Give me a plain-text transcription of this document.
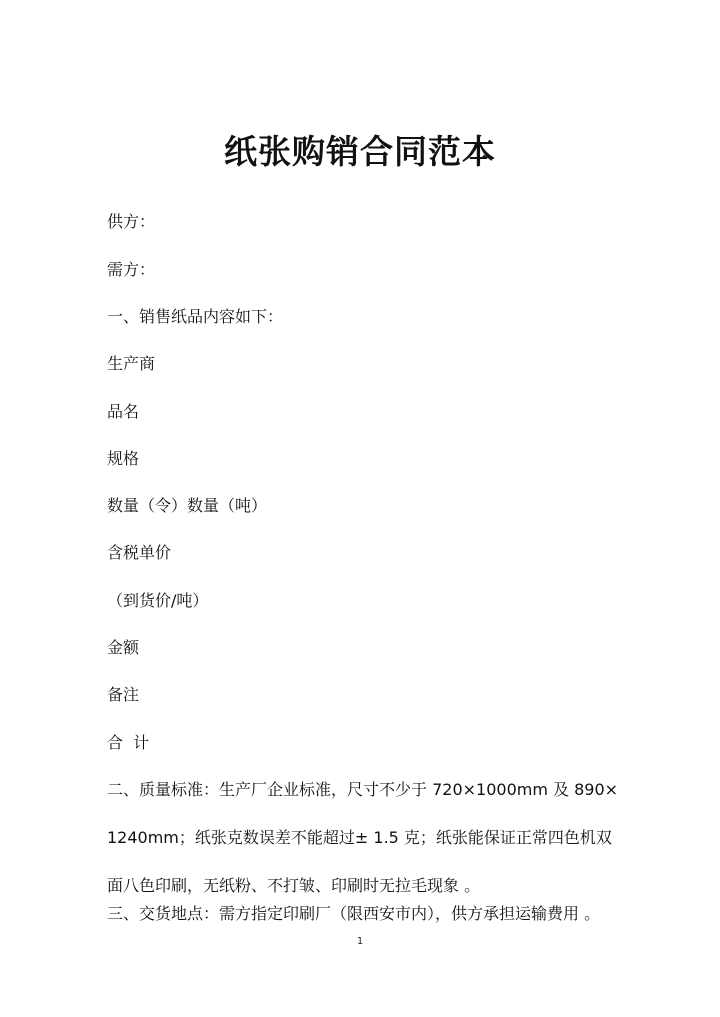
纸张购销合同范本
供方：
需方：
一、销售纸品内容如下：
生产商
品名
规格
数量（令）数量（吨）
含税单价
（到货价/吨）
金额
备注
合  计
二、质量标准：生产厂企业标准，尺寸不少于 720×1000mm 及 890×
1240mm；纸张克数误差不能超过± 1.5 克；纸张能保证正常四色机双
面八色印刷，无纸粉、不打皱、印刷时无拉毛现象 。
三、交货地点：需方指定印刷厂（限西安市内），供方承担运输费用 。
1
